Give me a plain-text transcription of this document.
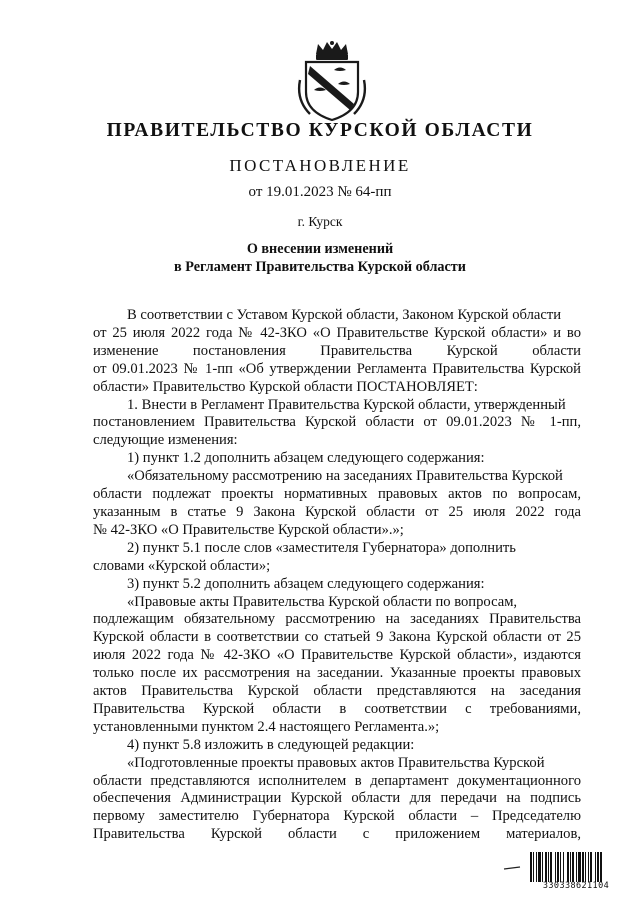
ПРАВИТЕЛЬСТВО КУРСКОЙ ОБЛАСТИ
ПОСТАНОВЛЕНИЕ
от 19.01.2023 № 64-пп
г. Курск
О внесении изменений
в Регламент Правительства Курской области
В соответствии с Уставом Курской области, Законом Курской области
от 25 июля 2022 года № 42-ЗКО «О Правительстве Курской области» и во
изменение постановления Правительства Курской области
от 09.01.2023 № 1-пп «Об утверждении Регламента Правительства Курской
области» Правительство Курской области ПОСТАНОВЛЯЕТ:
1. Внести в Регламент Правительства Курской области, утвержденный
постановлением Правительства Курской области от 09.01.2023 № 1-пп,
следующие изменения:
1) пункт 1.2 дополнить абзацем следующего содержания:
«Обязательному рассмотрению на заседаниях Правительства Курской
области подлежат проекты нормативных правовых актов по вопросам,
указанным в статье 9 Закона Курской области от 25 июля 2022 года
№ 42-ЗКО «О Правительстве Курской области».»;
2) пункт 5.1 после слов «заместителя Губернатора» дополнить
словами «Курской области»;
3) пункт 5.2 дополнить абзацем следующего содержания:
«Правовые акты Правительства Курской области по вопросам,
подлежащим обязательному рассмотрению на заседаниях Правительства
Курской области в соответствии со статьей 9 Закона Курской области от 25
июля 2022 года № 42-ЗКО «О Правительстве Курской области», издаются
только после их рассмотрения на заседании. Указанные проекты правовых
актов Правительства Курской области представляются на заседания
Правительства Курской области в соответствии с требованиями,
установленными пунктом 2.4 настоящего Регламента.»;
4) пункт 5.8 изложить в следующей редакции:
«Подготовленные проекты правовых актов Правительства Курской
области представляются исполнителем в департамент документационного
обеспечения Администрации Курской области для передачи на подпись
первому заместителю Губернатора Курской области – Председателю
Правительства Курской области с приложением материалов,
330338621104
